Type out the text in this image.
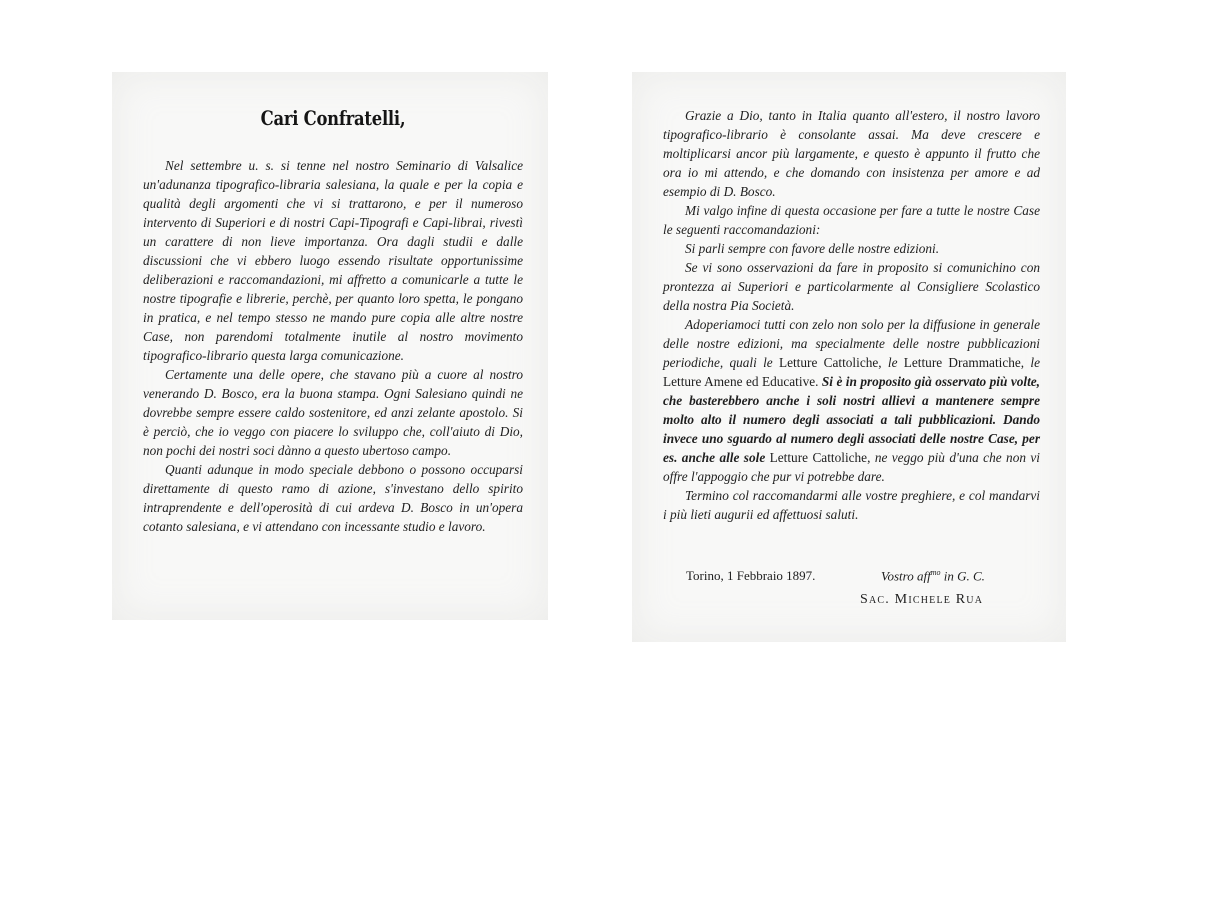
Cari Confratelli,

Nel settembre u. s. si tenne nel nostro Seminario di Valsalice un'adunanza tipografico-libraria salesiana, la quale e per la copia e qualità degli argomenti che vi si trattarono, e per il numeroso intervento di Superiori e di nostri Capi-Tipografi e Capi-librai, rivestì un carattere di non lieve importanza. Ora dagli studii e dalle discussioni che vi ebbero luogo essendo risultate opportunissime deliberazioni e raccomandazioni, mi affretto a comunicarle a tutte le nostre tipografie e librerie, perchè, per quanto loro spetta, le pongano in pratica, e nel tempo stesso ne mando pure copia alle altre nostre Case, non parendomi totalmente inutile al nostro movimento tipografico-librario questa larga comunicazione.

Certamente una delle opere, che stavano più a cuore al nostro venerando D. Bosco, era la buona stampa. Ogni Salesiano quindi ne dovrebbe sempre essere caldo sostenitore, ed anzi zelante apostolo. Si è perciò, che io veggo con piacere lo sviluppo che, coll'aiuto di Dio, non pochi dei nostri soci dànno a questo ubertoso campo.

Quanti adunque in modo speciale debbono o possono occuparsi direttamente di questo ramo di azione, s'investano dello spirito intraprendente e dell'operosità di cui ardeva D. Bosco in un'opera cotanto salesiana, e vi attendano con incessante studio e lavoro.

Grazie a Dio, tanto in Italia quanto all'estero, il nostro lavoro tipografico-librario è consolante assai. Ma deve crescere e moltiplicarsi ancor più largamente, e questo è appunto il frutto che ora io mi attendo, e che domando con insistenza per amore e ad esempio di D. Bosco.

Mi valgo infine di questa occasione per fare a tutte le nostre Case le seguenti raccomandazioni:

Si parli sempre con favore delle nostre edizioni.

Se vi sono osservazioni da fare in proposito si comunichino con prontezza ai Superiori e particolarmente al Consigliere Scolastico della nostra Pia Società.

Adoperiamoci tutti con zelo non solo per la diffusione in generale delle nostre edizioni, ma specialmente delle nostre pubblicazioni periodiche, quali le Letture Cattoliche, le Letture Drammatiche, le Letture Amene ed Educative. Si è in proposito già osservato più volte, che basterebbero anche i soli nostri allievi a mantenere sempre molto alto il numero degli associati a tali pubblicazioni. Dando invece uno sguardo al numero degli associati delle nostre Case, per es. anche alle sole Letture Cattoliche, ne veggo più d'una che non vi offre l'appoggio che pur vi potrebbe dare.

Termino col raccomandarmi alle vostre preghiere, e col mandarvi i più lieti augurii ed affettuosi saluti.

Torino, 1 Febbraio 1897.	Vostro aff$^{mo}$ in G. C.
Sac. Michele Rua
